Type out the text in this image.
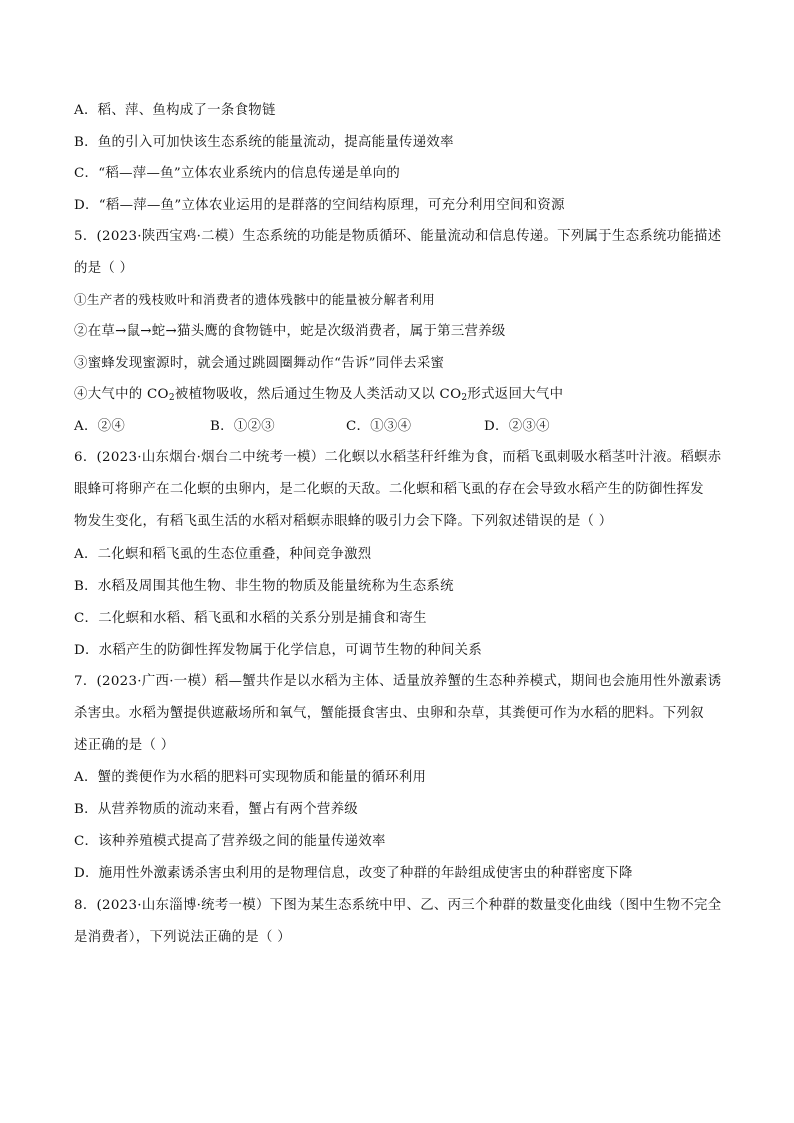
A．稻、萍、鱼构成了一条食物链
B．鱼的引入可加快该生态系统的能量流动，提高能量传递效率
C．“稻—萍—鱼”立体农业系统内的信息传递是单向的
D．“稻—萍—鱼”立体农业运用的是群落的空间结构原理，可充分利用空间和资源
5．(2023·陕西宝鸡·二模）生态系统的功能是物质循环、能量流动和信息传递。下列属于生态系统功能描述
的是（ ）
①生产者的残枝败叶和消费者的遗体残骸中的能量被分解者利用
②在草→鼠→蛇→猫头鹰的食物链中，蛇是次级消费者，属于第三营养级
③蜜蜂发现蜜源时，就会通过跳圆圈舞动作“告诉”同伴去采蜜
④大气中的 $CO_2$被植物吸收，然后通过生物及人类活动又以 $CO_2$形式返回大气中
A．②④	B．①②③	C．①③④	D．②③④
6．(2023·山东烟台·烟台二中统考一模）二化螟以水稻茎秆纤维为食，而稻飞虱刺吸水稻茎叶汁液。稻螟赤
眼蜂可将卵产在二化螟的虫卵内，是二化螟的天敌。二化螟和稻飞虱的存在会导致水稻产生的防御性挥发
物发生变化，有稻飞虱生活的水稻对稻螟赤眼蜂的吸引力会下降。下列叙述错误的是（ ）
A．二化螟和稻飞虱的生态位重叠，种间竞争激烈
B．水稻及周围其他生物、非生物的物质及能量统称为生态系统
C．二化螟和水稻、稻飞虱和水稻的关系分别是捕食和寄生
D．水稻产生的防御性挥发物属于化学信息，可调节生物的种间关系
7．(2023·广西·一模）稻—蟹共作是以水稻为主体、适量放养蟹的生态种养模式，期间也会施用性外激素诱
杀害虫。水稻为蟹提供遮蔽场所和氧气，蟹能摄食害虫、虫卵和杂草，其粪便可作为水稻的肥料。下列叙
述正确的是（ ）
A．蟹的粪便作为水稻的肥料可实现物质和能量的循环利用
B．从营养物质的流动来看，蟹占有两个营养级
C．该种养殖模式提高了营养级之间的能量传递效率
D．施用性外激素诱杀害虫利用的是物理信息，改变了种群的年龄组成使害虫的种群密度下降
8．(2023·山东淄博·统考一模）下图为某生态系统中甲、乙、丙三个种群的数量变化曲线（图中生物不完全
是消费者），下列说法正确的是（ ）
